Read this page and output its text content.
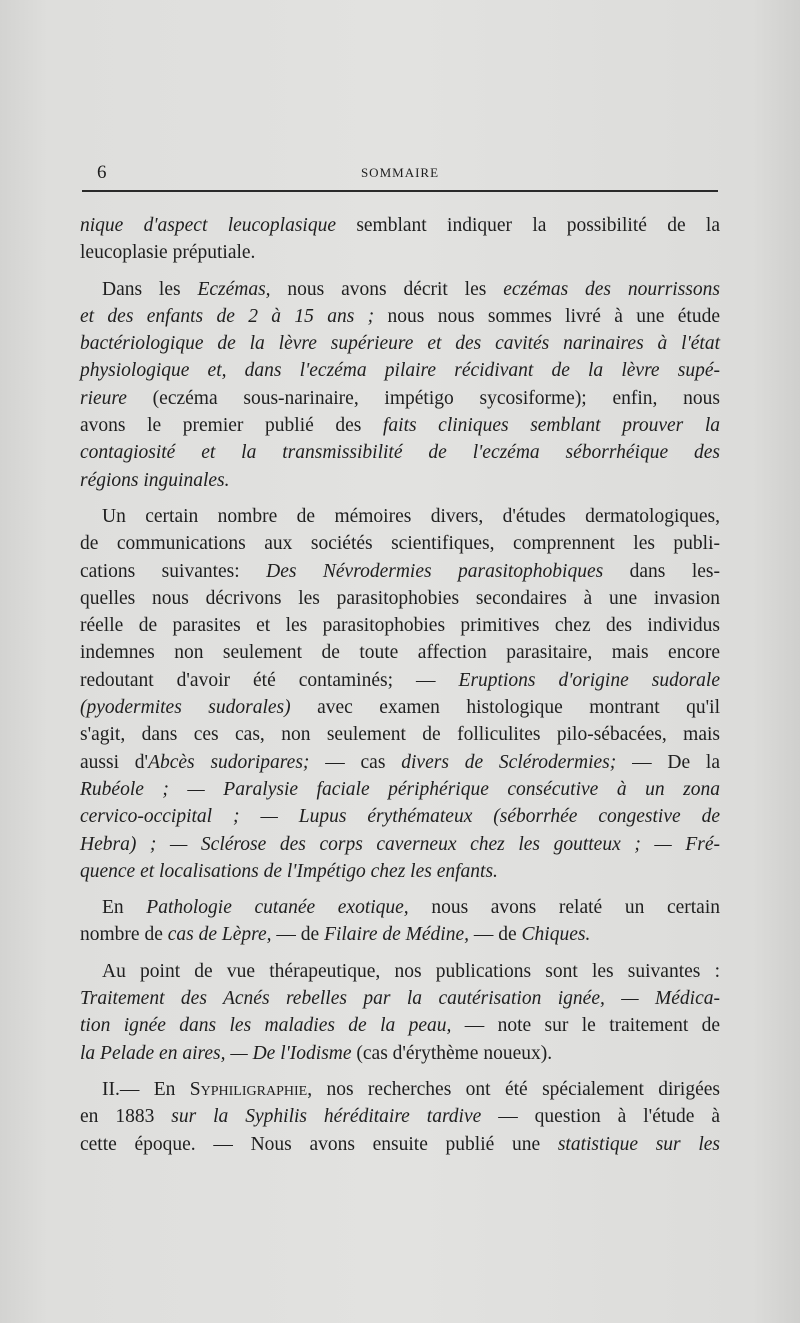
6	SOMMAIRE
nique d'aspect leucoplasique semblant indiquer la possibilité de la
leucoplasie préputiale.
Dans les Eczémas, nous avons décrit les eczémas des nourrissons
et des enfants de 2 à 15 ans ; nous nous sommes livré à une étude
bactériologique de la lèvre supérieure et des cavités narinaires à l'état
physiologique et, dans l'eczéma pilaire récidivant de la lèvre supé-
rieure (eczéma sous-narinaire, impétigo sycosiforme); enfin, nous
avons le premier publié des faits cliniques semblant prouver la
contagiosité et la transmissibilité de l'eczéma séborrhéique des
régions inguinales.
Un certain nombre de mémoires divers, d'études dermatologiques,
de communications aux sociétés scientifiques, comprennent les publi-
cations suivantes: Des Névrodermies parasitophobiques dans les-
quelles nous décrivons les parasitophobies secondaires à une invasion
réelle de parasites et les parasitophobies primitives chez des individus
indemnes non seulement de toute affection parasitaire, mais encore
redoutant d'avoir été contaminés; — Eruptions d'origine sudorale
(pyodermites sudorales) avec examen histologique montrant qu'il
s'agit, dans ces cas, non seulement de folliculites pilo-sébacées, mais
aussi d'Abcès sudoripares; — cas divers de Sclérodermies; — De la
Rubéole ; — Paralysie faciale périphérique consécutive à un zona
cervico-occipital ; — Lupus érythémateux (séborrhée congestive de
Hebra) ; — Sclérose des corps caverneux chez les goutteux ; — Fré-
quence et localisations de l'Impétigo chez les enfants.
En Pathologie cutanée exotique, nous avons relaté un certain
nombre de cas de Lèpre, — de Filaire de Médine, — de Chiques.
Au point de vue thérapeutique, nos publications sont les suivantes :
Traitement des Acnés rebelles par la cautérisation ignée, — Médica-
tion ignée dans les maladies de la peau, — note sur le traitement de
la Pelade en aires, — De l'Iodisme (cas d'érythème noueux).
II.— En Syphiligraphie, nos recherches ont été spécialement dirigées
en 1883 sur la Syphilis héréditaire tardive — question à l'étude à
cette époque. — Nous avons ensuite publié une statistique sur les
